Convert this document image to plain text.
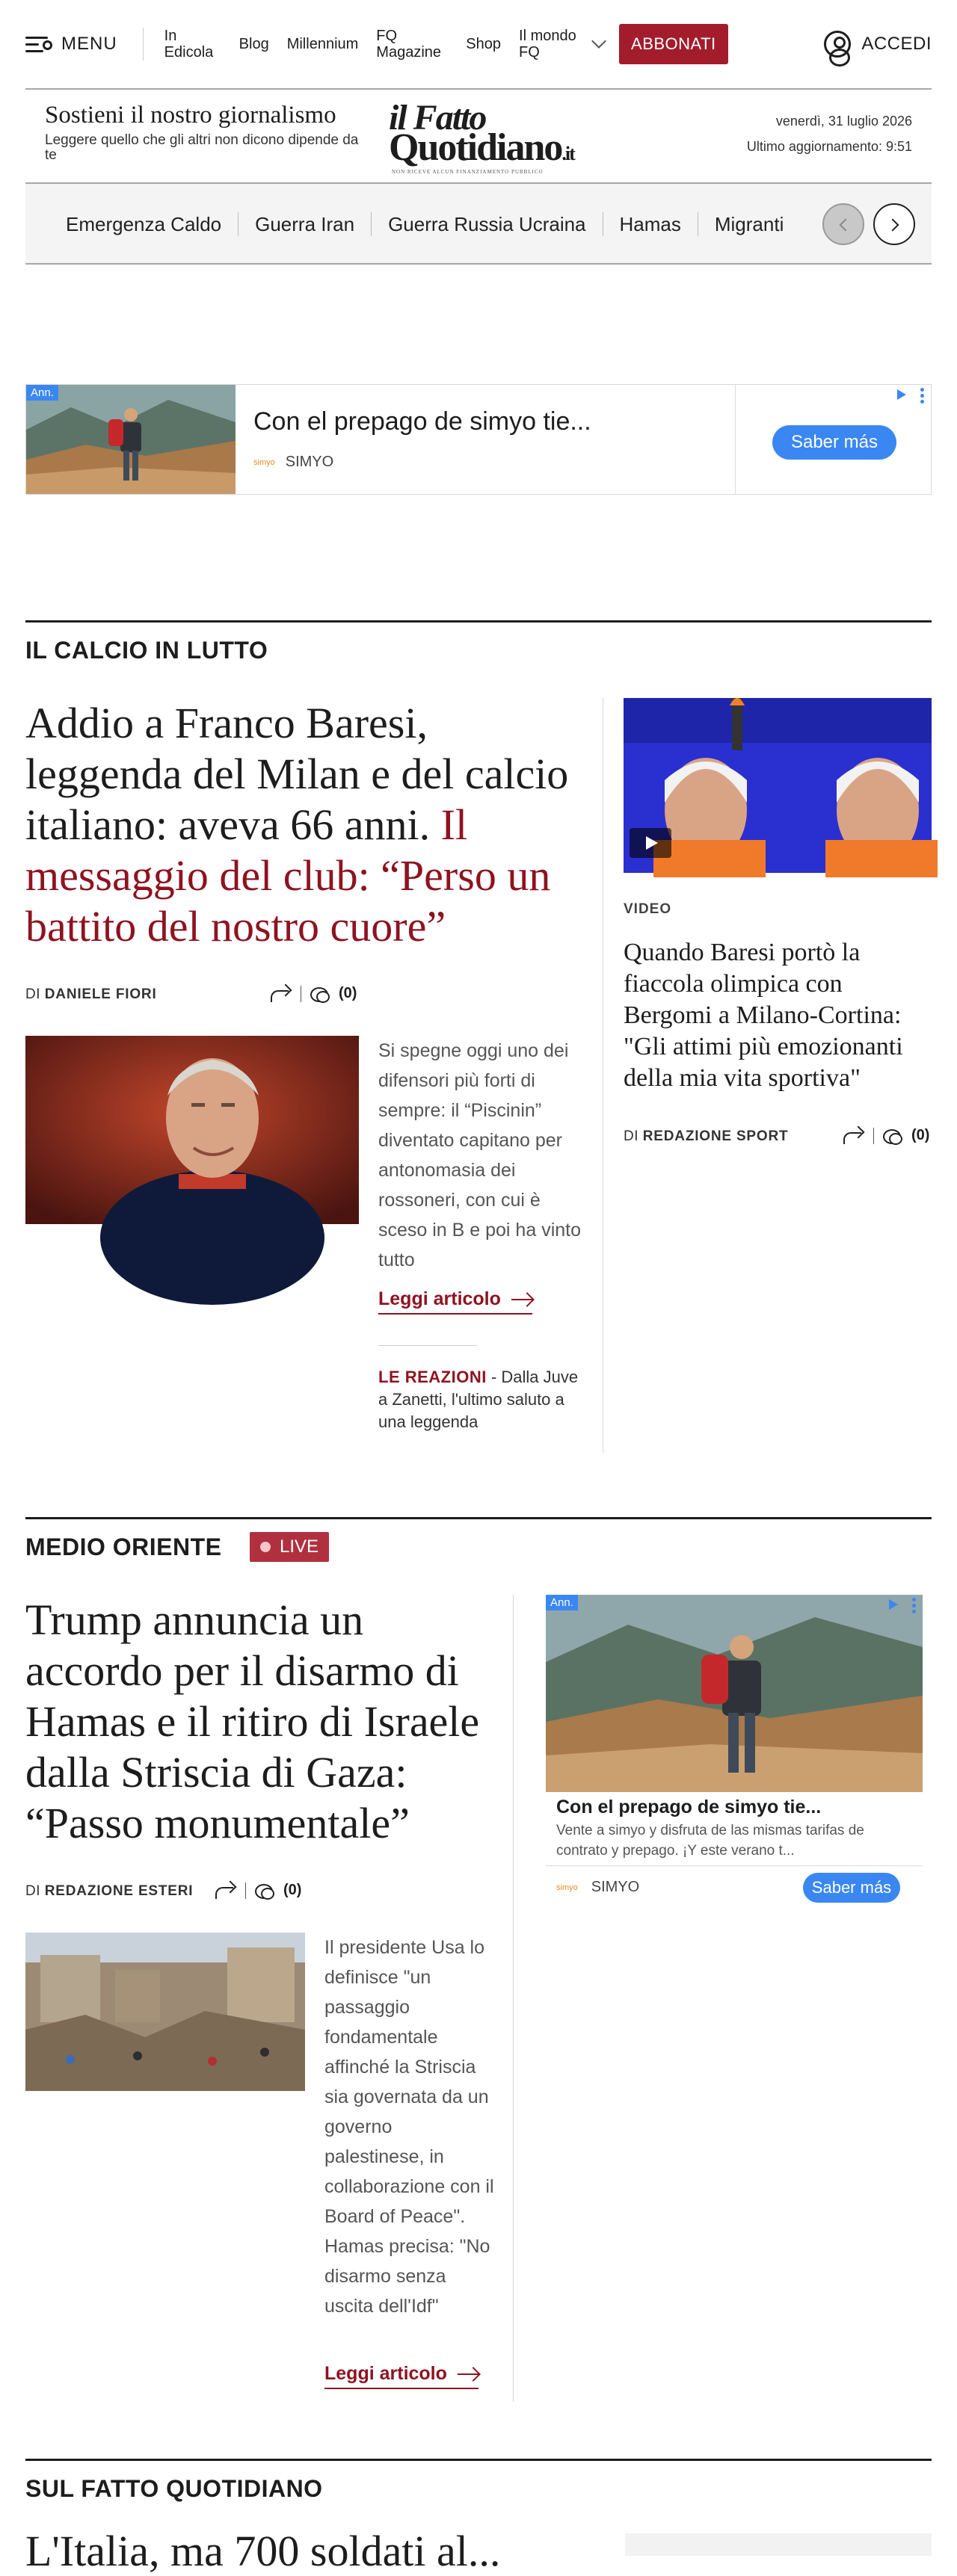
MENU	In Edicola	Blog Millennium FQ Magazine	Shop Il mondo FQ	ABBONATI	ACCEDI
Sostieni il nostro giornalismo
Leggere quello che gli altri non dicono dipende da te
il Fatto
Quotidiano.it
NON RICEVE ALCUN FINANZIAMENTO PUBBLICO
venerdì, 31 luglio 2026
Ultimo aggiornamento: 9:51
Emergenza Caldo Guerra Iran Guerra Russia Ucraina Hamas Migranti
Ann.
Con el prepago de simyo tie...
simyo SIMYO
Saber más
IL CALCIO IN LUTTO
Addio a Franco Baresi, leggenda del Milan e del calcio italiano: aveva 66 anni. Il messaggio del club: “Perso un battito del nostro cuore”
DI DANIELE FIORI	(0)
Si spegne oggi uno dei difensori più forti di sempre: il “Piscinin” diventato capitano per antonomasia dei rossoneri, con cui è sceso in B e poi ha vinto tutto
Leggi articolo
LE REAZIONI - Dalla Juve a Zanetti, l'ultimo saluto a una leggenda
VIDEO
Quando Baresi portò la fiaccola olimpica con Bergomi a Milano-Cortina: "Gli attimi più emozionanti della mia vita sportiva"
DI REDAZIONE SPORT	(0)
MEDIO ORIENTE	LIVE
Trump annuncia un accordo per il disarmo di Hamas e il ritiro di Israele dalla Striscia di Gaza: “Passo monumentale”
DI REDAZIONE ESTERI	(0)
Il presidente Usa lo definisce "un passaggio fondamentale affinché la Striscia sia governata da un governo palestinese, in collaborazione con il Board of Peace". Hamas precisa: "No disarmo senza uscita dell'Idf"
Leggi articolo
Ann.
Con el prepago de simyo tie...
Vente a simyo y disfruta de las mismas tarifas de contrato y prepago. ¡Y este verano t...
simyo SIMYO	Saber más
SUL FATTO QUOTIDIANO
L'Italia, ma 700 soldati al...
